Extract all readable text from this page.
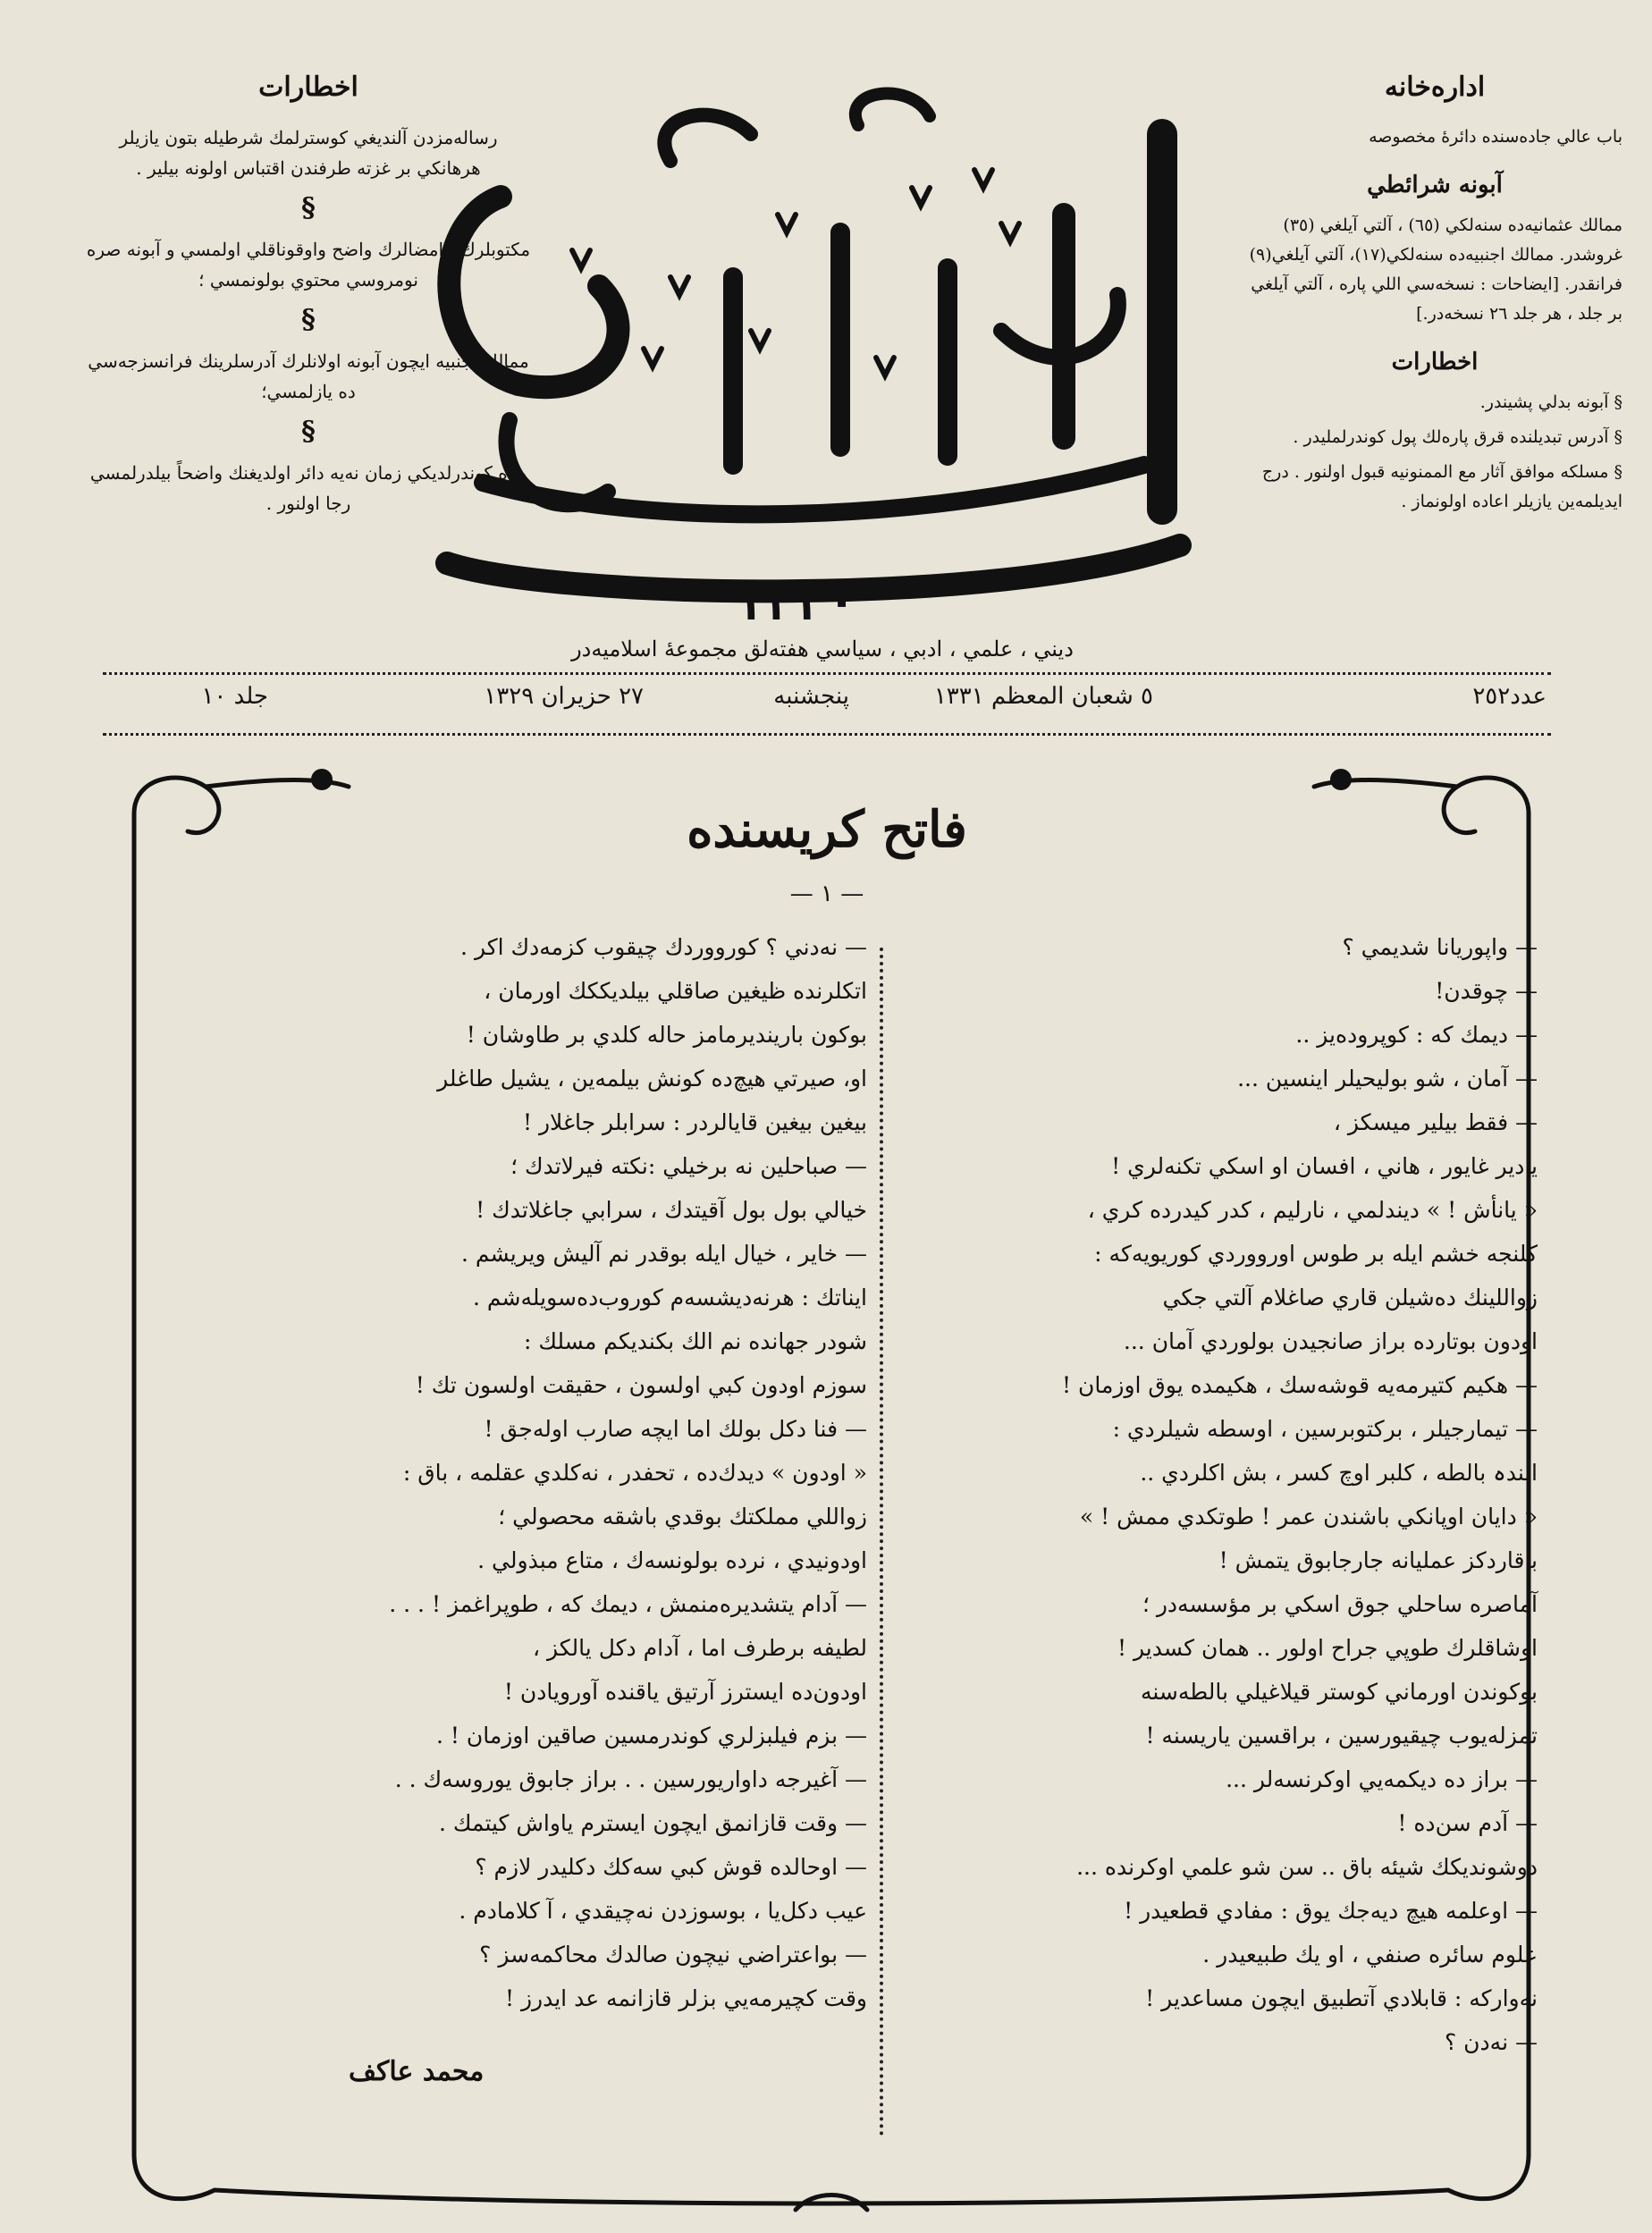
اخطارات

رساله‌مزدن آلنديغي كوسترلمك شرطيله بتون يازيلر هرهانكي بر غزته طرفندن اقتباس اولونه بيلير .

§

مكتوبلرك ، امضالرك واضح واوقوناقلي اولمسي و آبونه صره نومروسي محتوي بولونمسي ؛

§

ممالك اجنبيه ايچون آبونه اولانلرك آدرسلرينك فرانسزجه‌سي ده يازلمسي؛

§

پاره كوندرلديكي زمان نه‌يه دائر اولديغنك واضحاً بيلدرلمسي رجا اولنور .

١٣٣٠
اداره‌خانه

باب عالي جاده‌سنده دائرهٔ مخصوصه

آبونه شرائطي

ممالك عثمانيه‌ده سنه‌لكي (٦٥) ، آلتي آيلغي (٣٥) غروشدر. ممالك اجنبيه‌ده سنه‌لكي(١٧)، آلتي آيلغي(٩) فرانقدر. [ايضاحات : نسخه‌سي اللي پاره ، آلتي آيلغي بر جلد ، هر جلد ٢٦ نسخه‌در.]

اخطارات

§ آبونه بدلي پشيندر.

§ آدرس تبديلنده قرق پاره‌لك پول كوندرلمليدر .

§ مسلكه موافق آثار مع الممنونيه قبول اولنور . درج ايديلمه‌ين يازيلر اعاده اولونماز .

ديني ، علمي ، ادبي ، سياسي هفته‌لق مجموعهٔ اسلاميه‌در
عدد٢٥٢
٥ شعبان المعظم ١٣٣١
پنجشنبه
٢٧ حزيران ١٣٢٩
جلد ١٠
فاتح كريسنده
— ١ —
— واپوريانا شديمي ؟
— چوقدن!
— ديمك كه : كوپروده‌يز ..
— آمان ، شو بوليحيلر اينسين ...
— فقط بيلير ميسكز ،
يادير غايور ، هاني ، افسان او اسكي تكنه‌لري !
« يانأش ! » ديندلمي ، نارليم ، كدر كيدرده كري ،
كلنجه خشم ايله بر طوس اورووردي كوريويه‌كه :
زواللينك ده‌شيلن قاري صاغلام آلتي جكي
اودون بوتارده براز صانجيدن بولوردي آمان ...
— هكيم كتيرمه‌يه قوشه‌سك ، هكيمده يوق اوزمان !
— تيمارجيلر ، بركتوبرسين ، اوسطه شيلردي :
الندہ بالطه ، كلبر اوچ كسر ، بش اكلردي ..
« دايان اوپانكي باشندن عمر ! طوتكدي ممش ! »
باقاردكز عمليانه جارجابوق يتمش !
آماصره ساحلي جوق اسكي بر مؤسسه‌در ؛
اوشاقلرك طوپي جراح اولور .. همان كسدير !
بوكوندن اورماني كوستر قيلاغيلي بالطه‌سنه
تمزله‌يوب چيقيورسين ، براقسين ياريسنه !
— براز ده ديكمه‌يي اوكرنسه‌لر ...
— آدم سن‌ده !
دوشونديكك شيئه باق .. سن شو علمي اوكرنده ...
— اوعلمه هيچ ديه‌جك يوق : مفادي قطعيدر !
علوم سائره صنفي ، او يك طبيعيدر .
نه‌واركه : قابلادي آتطبيق ايچون مساعدير !
— نه‌دن ؟
— نه‌دني ؟ كورووردك چيقوب كزمه‌دك اكر .
اتكلرنده ظيغين صاقلي بيلديككك اورمان ،
بوكون بارينديرمامز حاله كلدي بر طاوشان !
او، صيرتي هيچ‌ده كونش بيلمه‌ين ، يشيل طاغلر
بيغين بيغين قايالردر : سرابلر جاغلار !
— صباحلين نه برخيلي :نكته فيرلاتدك ؛
خيالي بول بول آقيتدك ، سرابي جاغلاتدك !
— خاير ، خيال ايله بوقدر نم آليش ويريشم .
ايناتك : هرنه‌ديشسه‌م كوروب‌ده‌سويله‌شم .
شودر جهانده نم الك بكنديكم مسلك :
سوزم اودون كبي اولسون ، حقيقت اولسون تك !
— فنا دكل بولك اما ايچه صارب اوله‌جق !
« اودون » ديدك‌ده ، تحفدر ، نه‌كلدي عقلمه ، باق :
زواللي مملكتك بوقدي باشقه محصولي ؛
اودونيدي ، نرده بولونسه‌ك ، متاع مبذولي .
— آدام يتشديره‌منمش ، ديمك كه ، طوپراغمز ! . . .
لطيفه برطرف اما ، آدام دكل يالكز ،
اودون‌ده ايسترز آرتيق ياقنده آورويادن !
— بزم فيلبزلري كوندرمسين صاقين اوزمان ! .
— آغيرجه داواريورسين . . براز جابوق يوروسه‌ك . .
— وقت قازانمق ايچون ايسترم ياواش كيتمك .
— اوحالده قوش كبي سه‌كك دكليدر لازم ؟
عيب دكل‌يا ، بوسوزدن نه‌چيقدي ، آ كلامادم .
— بواعتراضي نيچون صالدك محاكمه‌سز ؟
وقت كچيرمه‌يي بزلر قازانمه عد ايدرز !
محمد عاكف
